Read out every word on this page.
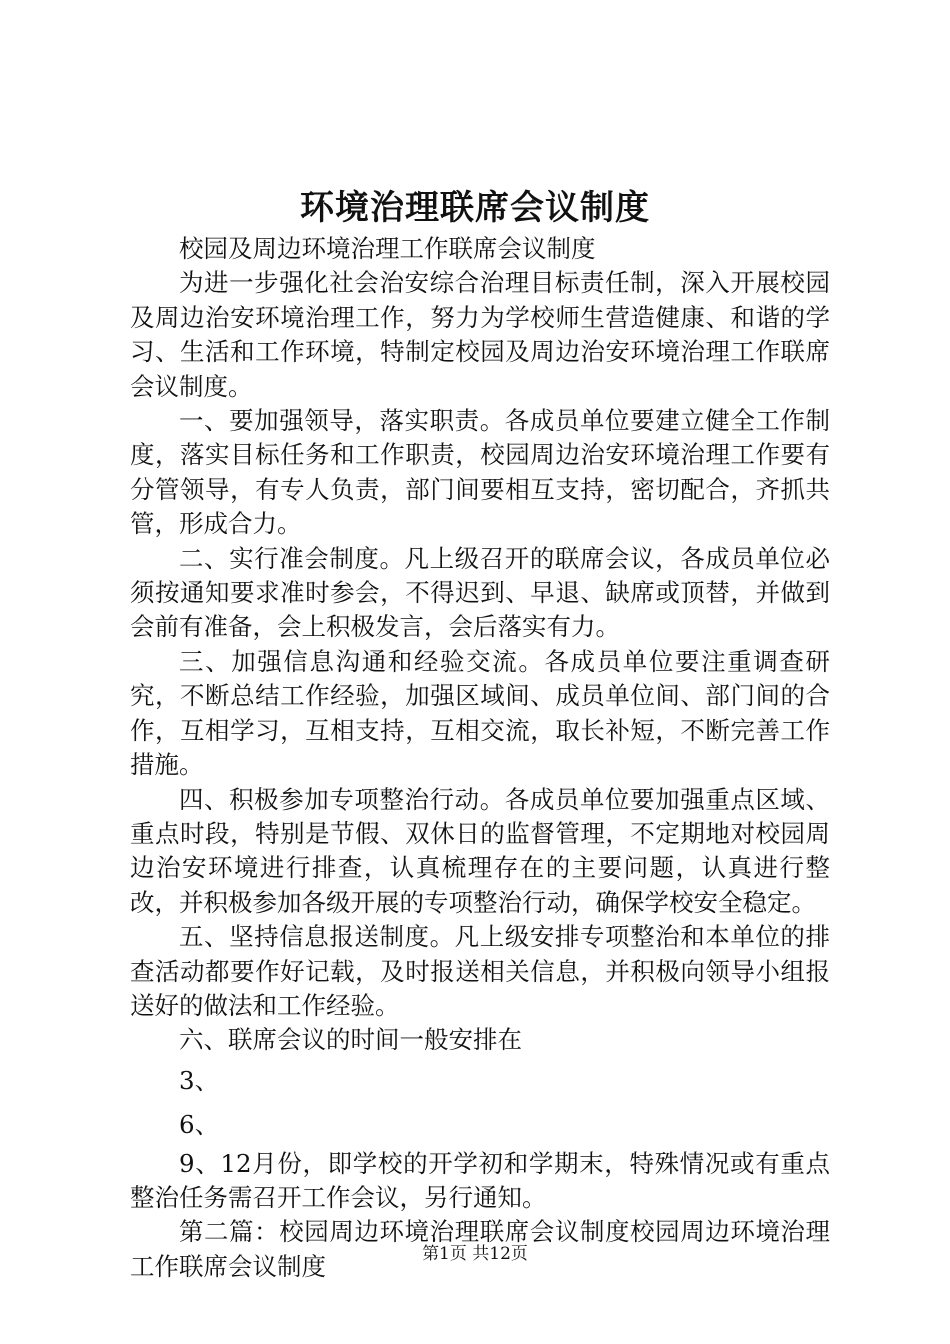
环境治理联席会议制度

校园及周边环境治理工作联席会议制度

为进一步强化社会治安综合治理目标责任制，深入开展校园及周边治安环境治理工作，努力为学校师生营造健康、和谐的学习、生活和工作环境，特制定校园及周边治安环境治理工作联席会议制度。

一、要加强领导，落实职责。各成员单位要建立健全工作制度，落实目标任务和工作职责，校园周边治安环境治理工作要有分管领导，有专人负责，部门间要相互支持，密切配合，齐抓共管，形成合力。

二、实行准会制度。凡上级召开的联席会议，各成员单位必须按通知要求准时参会，不得迟到、早退、缺席或顶替，并做到会前有准备，会上积极发言，会后落实有力。

三、加强信息沟通和经验交流。各成员单位要注重调查研究，不断总结工作经验，加强区域间、成员单位间、部门间的合作，互相学习，互相支持，互相交流，取长补短，不断完善工作措施。

四、积极参加专项整治行动。各成员单位要加强重点区域、重点时段，特别是节假、双休日的监督管理，不定期地对校园周边治安环境进行排查，认真梳理存在的主要问题，认真进行整改，并积极参加各级开展的专项整治行动，确保学校安全稳定。

五、坚持信息报送制度。凡上级安排专项整治和本单位的排查活动都要作好记载，及时报送相关信息，并积极向领导小组报送好的做法和工作经验。

六、联席会议的时间一般安排在

3、

6、

9、12月份，即学校的开学初和学期末，特殊情况或有重点整治任务需召开工作会议，另行通知。

第二篇：校园周边环境治理联席会议制度校园周边环境治理工作联席会议制度	第1页 共12页
